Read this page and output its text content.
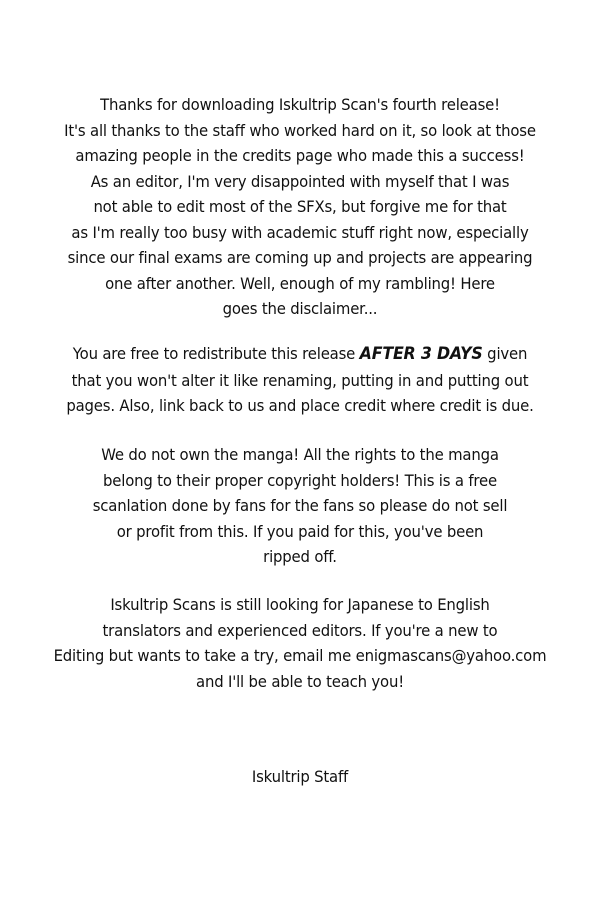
Thanks for downloading Iskultrip Scan's fourth release!
It's all thanks to the staff who worked hard on it, so look at those
amazing people in the credits page who made this a success!
As an editor, I'm very disappointed with myself that I was
not able to edit most of the SFXs, but forgive me for that
as I'm really too busy with academic stuff right now, especially
since our final exams are coming up and projects are appearing
one after another. Well, enough of my rambling! Here
goes the disclaimer...
You are free to redistribute this release AFTER 3 DAYS given
that you won't alter it like renaming, putting in and putting out
pages. Also, link back to us and place credit where credit is due.
We do not own the manga! All the rights to the manga
belong to their proper copyright holders! This is a free
scanlation done by fans for the fans so please do not sell
or profit from this. If you paid for this, you've been
ripped off.
Iskultrip Scans is still looking for Japanese to English
translators and experienced editors. If you're a new to
Editing but wants to take a try, email me enigmascans@yahoo.com
and I'll be able to teach you!
Iskultrip Staff
